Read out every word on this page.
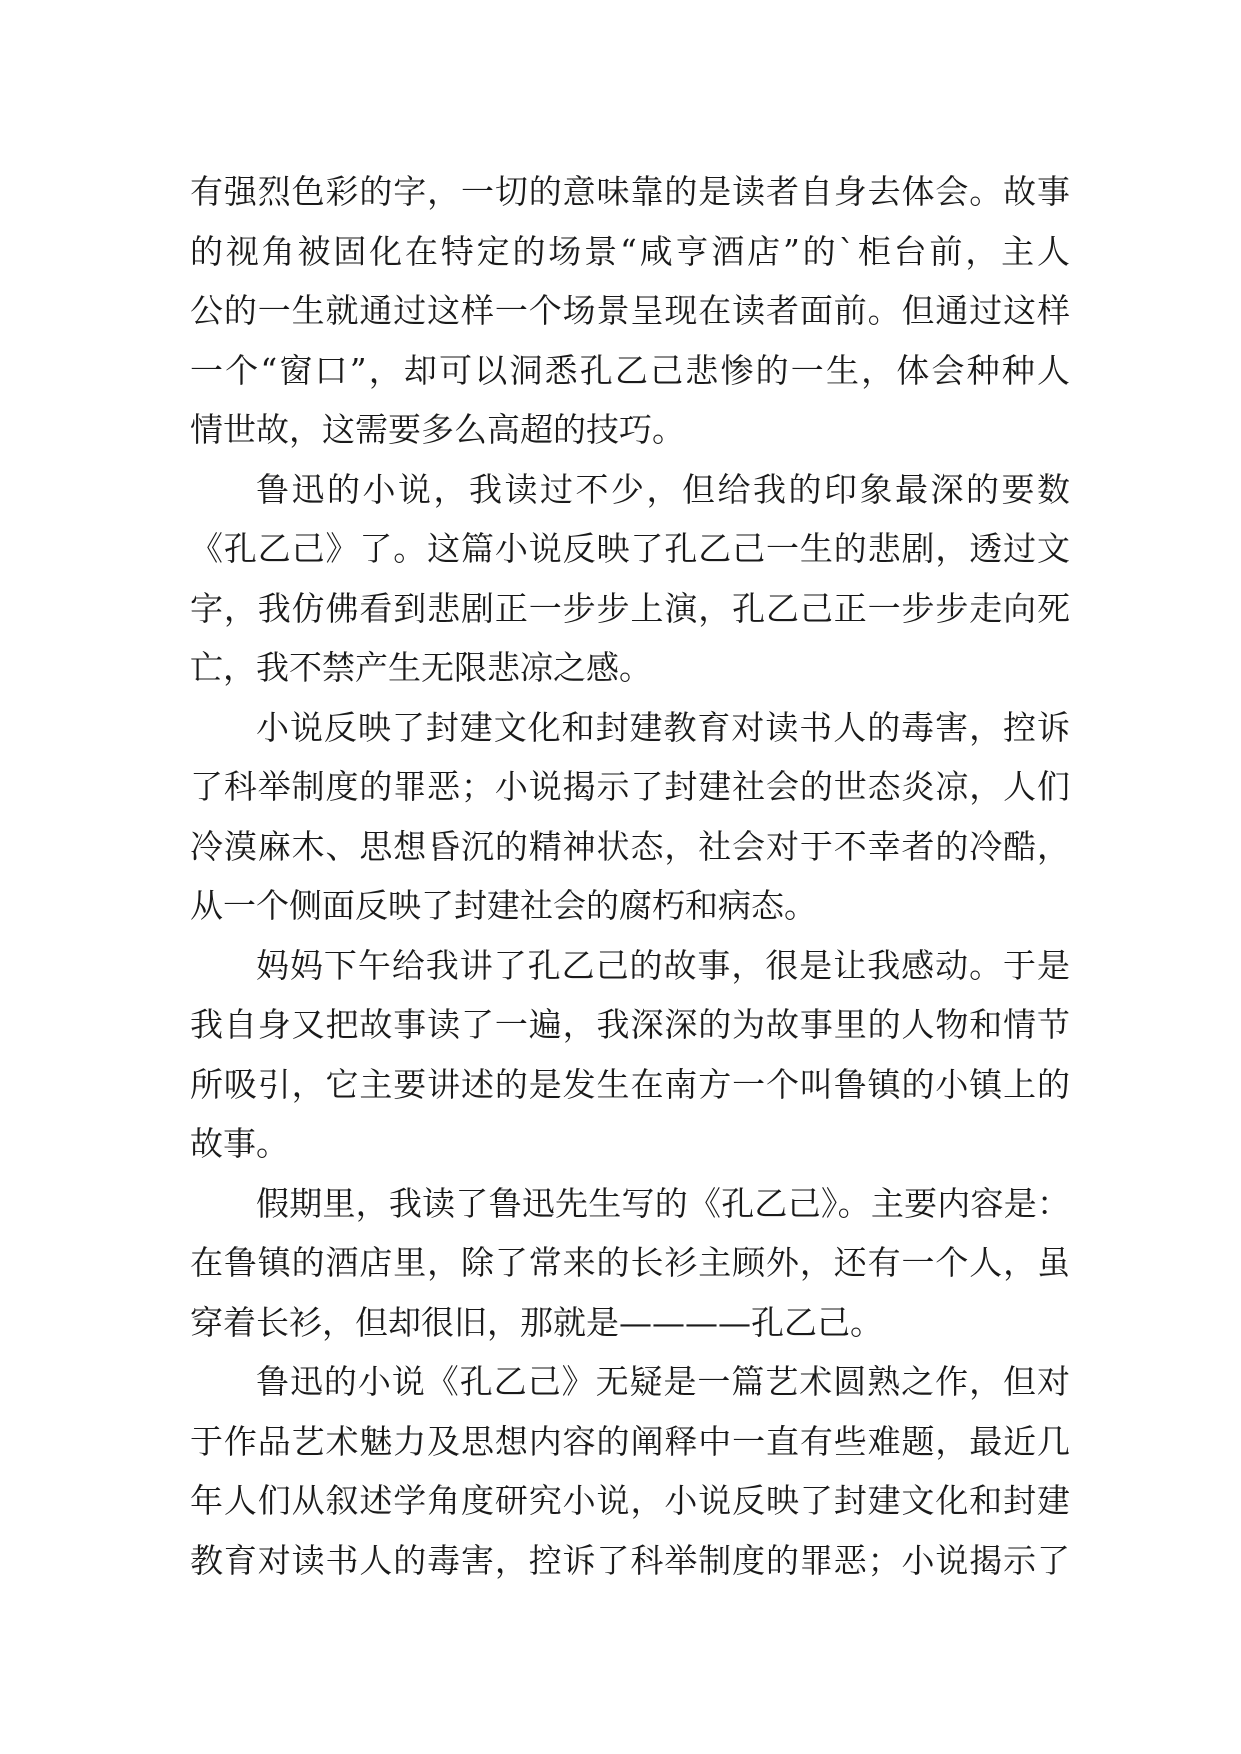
有强烈色彩的字，一切的意味靠的是读者自身去体会。故事
的视角被固化在特定的场景“咸亨酒店”的`柜台前，主人
公的一生就通过这样一个场景呈现在读者面前。但通过这样
一个“窗口”，却可以洞悉孔乙己悲惨的一生，体会种种人
情世故，这需要多么高超的技巧。
鲁迅的小说，我读过不少，但给我的印象最深的要数
《孔乙己》了。这篇小说反映了孔乙己一生的悲剧，透过文
字，我仿佛看到悲剧正一步步上演，孔乙己正一步步走向死
亡，我不禁产生无限悲凉之感。
小说反映了封建文化和封建教育对读书人的毒害，控诉
了科举制度的罪恶；小说揭示了封建社会的世态炎凉，人们
冷漠麻木、思想昏沉的精神状态，社会对于不幸者的冷酷，
从一个侧面反映了封建社会的腐朽和病态。
妈妈下午给我讲了孔乙己的故事，很是让我感动。于是
我自身又把故事读了一遍，我深深的为故事里的人物和情节
所吸引，它主要讲述的是发生在南方一个叫鲁镇的小镇上的
故事。
假期里，我读了鲁迅先生写的《孔乙己》。主要内容是：
在鲁镇的酒店里，除了常来的长衫主顾外，还有一个人，虽
穿着长衫，但却很旧，那就是————孔乙己。
鲁迅的小说《孔乙己》无疑是一篇艺术圆熟之作，但对
于作品艺术魅力及思想内容的阐释中一直有些难题，最近几
年人们从叙述学角度研究小说，小说反映了封建文化和封建
教育对读书人的毒害，控诉了科举制度的罪恶；小说揭示了
